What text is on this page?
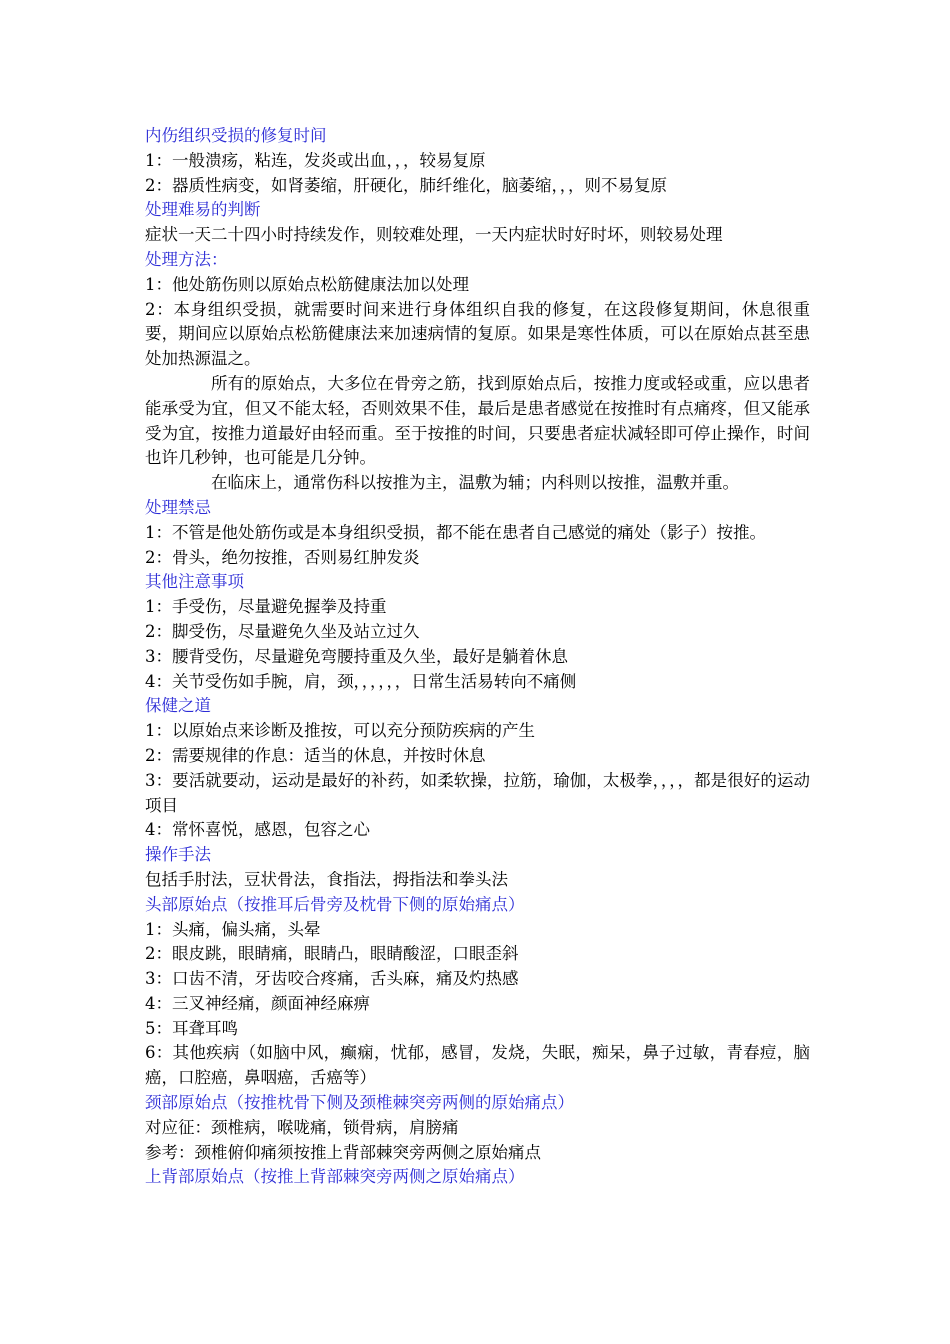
内伤组织受损的修复时间
1：一般溃疡，粘连，发炎或出血，，，较易复原
2：器质性病变，如肾萎缩，肝硬化，肺纤维化，脑萎缩，，，则不易复原
处理难易的判断
症状一天二十四小时持续发作，则较难处理，一天内症状时好时坏，则较易处理
处理方法：
1：他处筋伤则以原始点松筋健康法加以处理
2：本身组织受损，就需要时间来进行身体组织自我的修复，在这段修复期间，休息很重要，期间应以原始点松筋健康法来加速病情的复原。如果是寒性体质，可以在原始点甚至患处加热源温之。
所有的原始点，大多位在骨旁之筋，找到原始点后，按推力度或轻或重，应以患者能承受为宜，但又不能太轻，否则效果不佳，最后是患者感觉在按推时有点痛疼，但又能承受为宜，按推力道最好由轻而重。至于按推的时间，只要患者症状减轻即可停止操作，时间也许几秒钟，也可能是几分钟。
在临床上，通常伤科以按推为主，温敷为辅；内科则以按推，温敷并重。
处理禁忌
1：不管是他处筋伤或是本身组织受损，都不能在患者自己感觉的痛处（影子）按推。
2：骨头，绝勿按推，否则易红肿发炎
其他注意事项
1：手受伤，尽量避免握拳及持重
2：脚受伤，尽量避免久坐及站立过久
3：腰背受伤，尽量避免弯腰持重及久坐，最好是躺着休息
4：关节受伤如手腕，肩，颈，，，，，，日常生活易转向不痛侧
保健之道
1：以原始点来诊断及推按，可以充分预防疾病的产生
2：需要规律的作息：适当的休息，并按时休息
3：要活就要动，运动是最好的补药，如柔软操，拉筋，瑜伽，太极拳，，，，都是很好的运动项目
4：常怀喜悦，感恩，包容之心
操作手法
包括手肘法，豆状骨法，食指法，拇指法和拳头法
头部原始点（按推耳后骨旁及枕骨下侧的原始痛点）
1：头痛，偏头痛，头晕
2：眼皮跳，眼睛痛，眼睛凸，眼睛酸涩，口眼歪斜
3：口齿不清，牙齿咬合疼痛，舌头麻，痛及灼热感
4：三叉神经痛，颜面神经麻痹
5：耳聋耳鸣
6：其他疾病（如脑中风，癫痫，忧郁，感冒，发烧，失眠，痴呆，鼻子过敏，青春痘，脑癌，口腔癌，鼻咽癌，舌癌等）
颈部原始点（按推枕骨下侧及颈椎棘突旁两侧的原始痛点）
对应征：颈椎病，喉咙痛，锁骨病，肩膀痛
参考：颈椎俯仰痛须按推上背部棘突旁两侧之原始痛点
上背部原始点（按推上背部棘突旁两侧之原始痛点）
